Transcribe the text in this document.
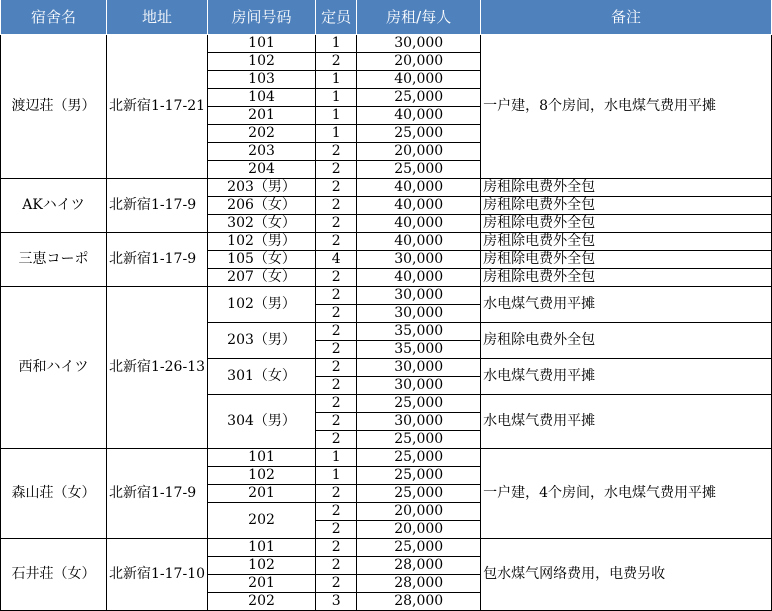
宿舍名	地址	房间号码	定员	房租/每人	备注
渡辺荘（男）	北新宿1-17-21	101	1	30,000	一户建，8个房间，水电煤气费用平摊
		102	2	20,000	
		103	1	40,000	
		104	1	25,000	
		201	1	40,000	
		202	1	25,000	
		203	2	20,000	
		204	2	25,000	
AKハイツ	北新宿1-17-9	203（男）	2	40,000	房租除电费外全包
		206（女）	2	40,000	房租除电费外全包
		302（女）	2	40,000	房租除电费外全包
三恵コーポ	北新宿1-17-9	102（男）	2	40,000	房租除电费外全包
		105（女）	4	30,000	房租除电费外全包
		207（女）	2	40,000	房租除电费外全包
西和ハイツ	北新宿1-26-13	102（男）	2	30,000	水电煤气费用平摊
			2	30,000	
		203（男）	2	35,000	房租除电费外全包
			2	35,000	
		301（女）	2	30,000	水电煤气费用平摊
			2	30,000	
		304（男）	2	25,000	水电煤气费用平摊
			2	30,000	
			2	25,000	
森山荘（女）	北新宿1-17-9	101	1	25,000	一户建，4个房间，水电煤气费用平摊
		102	1	25,000	
		201	2	25,000	
		202	2	20,000	
			2	20,000	
石井荘（女）	北新宿1-17-10	101	2	25,000	包水煤气网络费用，电费另收
		102	2	28,000	
		201	2	28,000	
		202	3	28,000	
